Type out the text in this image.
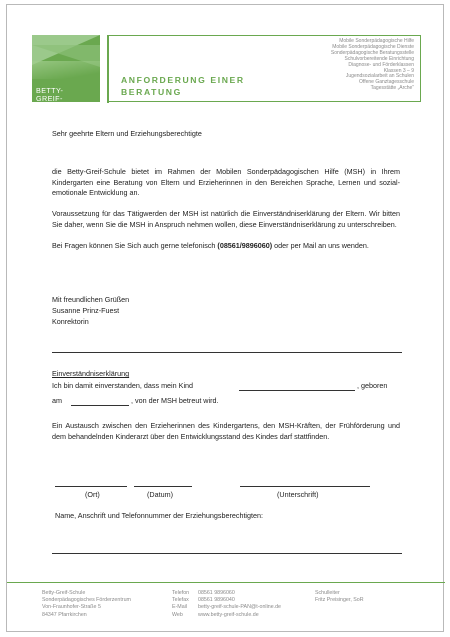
BETTY-
GREIF-
SCHULE
ANFORDERUNG EINER
BERATUNG
Mobile Sonderpädagogische Hilfe
Mobile Sonderpädagogische Dienste
Sonderpädagogische Beratungsstelle
Schulvorbereitende Einrichtung
Diagnose- und Förderklassen
Klassen 3 – 9
Jugendsozialarbeit an Schulen
Offene Ganztagesschule
Tagesstätte „Arche“
Sehr geehrte Eltern und Erziehungsberechtigte
die Betty-Greif-Schule bietet im Rahmen der Mobilen Sonderpädagogischen Hilfe (MSH) in Ihrem Kindergarten eine Beratung von Eltern und Erzieherinnen in den Bereichen Sprache, Lernen und sozial-emotionale Entwicklung an.
Voraussetzung für das Tätigwerden der MSH ist natürlich die Einverständniserklärung der Eltern. Wir bitten Sie daher, wenn Sie die MSH in Anspruch nehmen wollen, diese Einverständniserklärung zu unterschreiben.
Bei Fragen können Sie Sich auch gerne telefonisch (08561/9896060) oder per Mail an uns wenden.
Mit freundlichen Grüßen
Susanne Prinz-Fuest
Konrektorin
Einverständniserklärung
Ich bin damit einverstanden, dass mein Kind	, geboren
am	, von der MSH betreut wird.
Ein Austausch zwischen den Erzieherinnen des Kindergartens, den MSH-Kräften, der Frühförderung und dem behandelnden Kinderarzt über den Entwicklungsstand des Kindes darf stattfinden.
(Ort)	(Datum)	(Unterschrift)
Name, Anschrift und Telefonnummer der Erziehungsberechtigten:
Betty-Greif-Schule
Sonderpädagogisches Förderzentrum
Von-Fraunhofer-Straße 5
84347 Pfarrkirchen
Telefon	08561 9896060
Telefax	08561 9896040
E-Mail	betty-greif-schule-PAN@t-online.de
Web	www.betty-greif-schule.de
Schulleiter
Fritz Preisinger, SoR
